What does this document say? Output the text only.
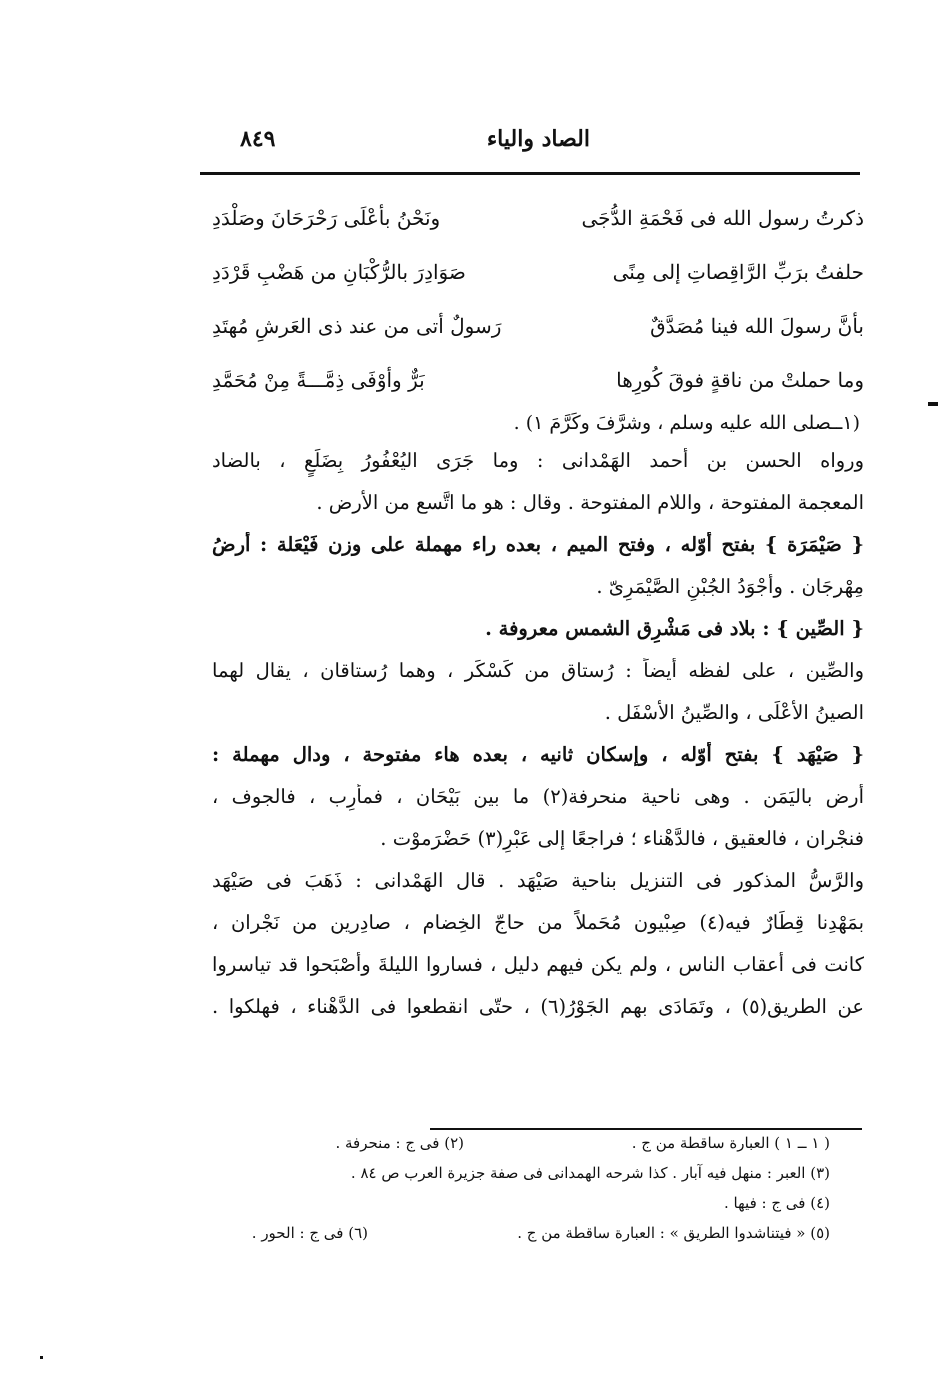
الصاد والياء
٨٤٩
ذكرتُ رسول الله فى فَحْمَةِ الدُّجَى
ونَحْنُ بأعْلَى رَحْرَحَانَ وصَلْدَدِ
حلفتُ برَبِّ الرَّاقِصاتِ إلى مِنًى
صَوَادِرَ بالرُّكْبَانِ من هَضْبِ قَرْدَدِ
بأنَّ رسولَ الله فينا مُصَدَّقٌ
رَسولٌ أتى من عند ذى العَرشِ مُهتَدِ
وما حملتْ من ناقةٍ فوقَ كُورِها
بَرٌّ وأوْفَى ذِمَّـــةً مِنْ مُحَمَّدِ
(١ــصلى الله عليه وسلم ، وشرَّفَ وكَرَّمَ ١) .
ورواه الحسن بن أحمد الهَمْدانى : وما جَرَى اليُعْفُورُ بِضَلَعٍ ، بالضاد
المعجمة المفتوحة ، واللام المفتوحة . وقال : هو ما اتَّسع من الأرض .
{ صَيْمَرَة } بفتح أوّله ، وفتح الميم ، بعده راء مهملة على وزن فَيْعَلة : أرضُ
مِهْرجَان . وأجْوَدُ الجُبْنِ الصَّيْمَرِىّ .
{ الصِّين } : بلاد فى مَشْرِق الشمس معروفة .
والصِّين ، على لفظه أيضاً : رُستاق من كَسْكَر ، وهما رُستاقان ، يقال لهما
الصينُ الأعْلَى ، والصِّينُ الأسْفَل .
{ صَيْهَد } بفتح أوّله ، وإسكان ثانيه ، بعده هاء مفتوحة ، ودال مهملة :
أرض باليَمَن . وهى ناحية منحرفة(٢) ما بين بَيْحَان ، فمأرِب ، فالجوف ،
فنجْران ، فالعقيق ، فالدَّهْناء ؛ فراجعًا إلى عَبْرِ(٣) حَضْرَموْت .
والرَّسُّ المذكور فى التنزيل بناحية صَيْهَد . قال الهَمْدانى : ذَهَبَ فى صَيْهَد
بمَهْدِنا قِطَارٌ فيه(٤) صِبْيون مُحَملاً من حاجّ الخِضام ، صادِرين من نَجْران ،
كانت فى أعقاب الناس ، ولم يكن فيهم دليل ، فساروا الليلةَ وأصْبَحوا قد تياسروا
عن الطريق(٥) ، وتَمَادَى بهم الجَوْرُ(٦) ، حتّى انقطعوا فى الدَّهْناء ، فهلكوا .
( ١ ــ ١ ) العبارة ساقطة من ج .
(٢) فى ج : منحرفة .
(٣) العبر : منهل فيه آبار . كذا شرحه الهمدانى فى صفة جزيرة العرب ص ٨٤ .
(٤) فى ج : فيها .
(٥) « فيتناشدوا الطريق » : العبارة ساقطة من ج .
(٦) فى ج : الحور .
